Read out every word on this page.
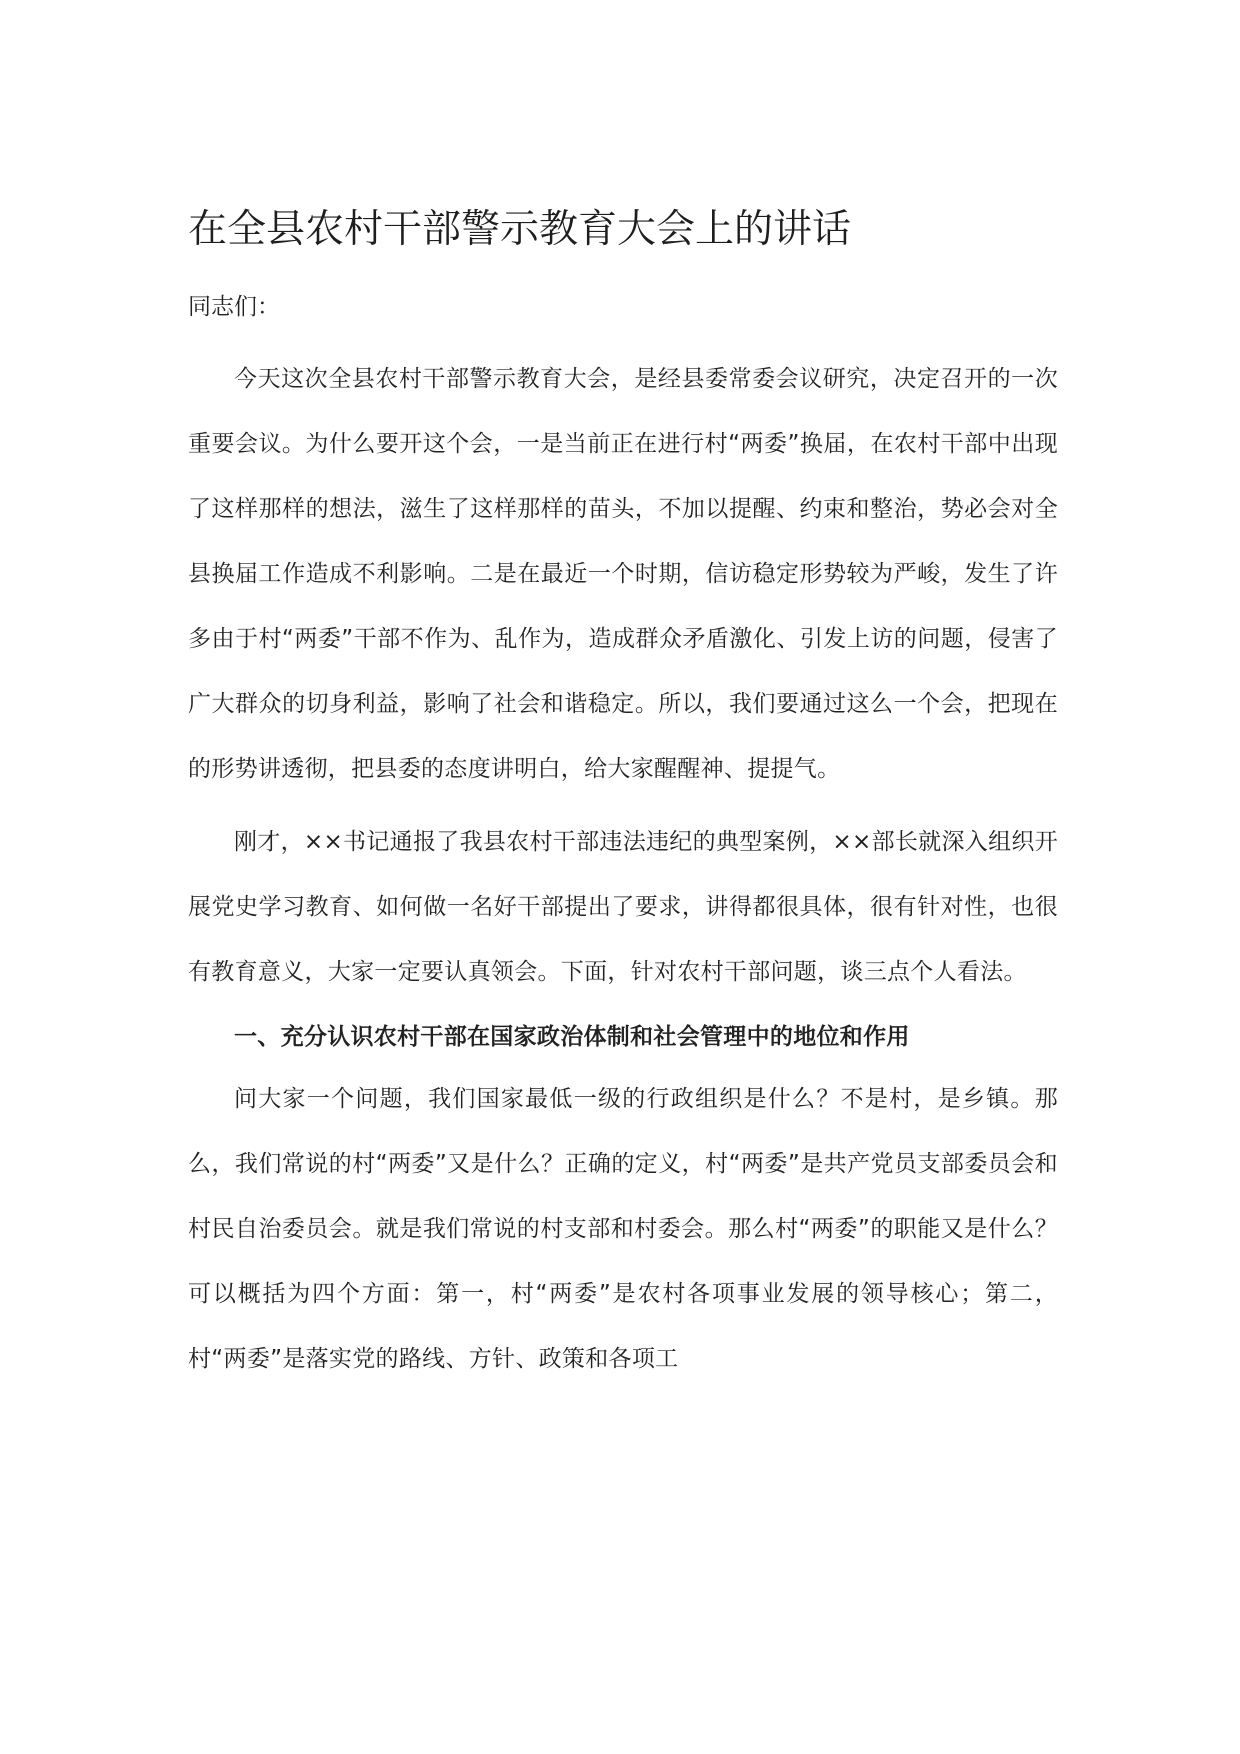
在全县农村干部警示教育大会上的讲话

同志们：

今天这次全县农村干部警示教育大会，是经县委常委会议研究，决定召开的一次重要会议。为什么要开这个会，一是当前正在进行村“两委”换届，在农村干部中出现了这样那样的想法，滋生了这样那样的苗头，不加以提醒、约束和整治，势必会对全县换届工作造成不利影响。二是在最近一个时期，信访稳定形势较为严峻，发生了许多由于村“两委”干部不作为、乱作为，造成群众矛盾激化、引发上访的问题，侵害了广大群众的切身利益，影响了社会和谐稳定。所以，我们要通过这么一个会，把现在的形势讲透彻，把县委的态度讲明白，给大家醒醒神、提提气。

刚才，××书记通报了我县农村干部违法违纪的典型案例，××部长就深入组织开展党史学习教育、如何做一名好干部提出了要求，讲得都很具体，很有针对性，也很有教育意义，大家一定要认真领会。下面，针对农村干部问题，谈三点个人看法。

一、充分认识农村干部在国家政治体制和社会管理中的地位和作用

问大家一个问题，我们国家最低一级的行政组织是什么？不是村，是乡镇。那么，我们常说的村“两委”又是什么？正确的定义，村“两委”是共产党员支部委员会和村民自治委员会。就是我们常说的村支部和村委会。那么村“两委”的职能又是什么？可以概括为四个方面：第一，村“两委”是农村各项事业发展的领导核心；第二，村“两委”是落实党的路线、方针、政策和各项工
